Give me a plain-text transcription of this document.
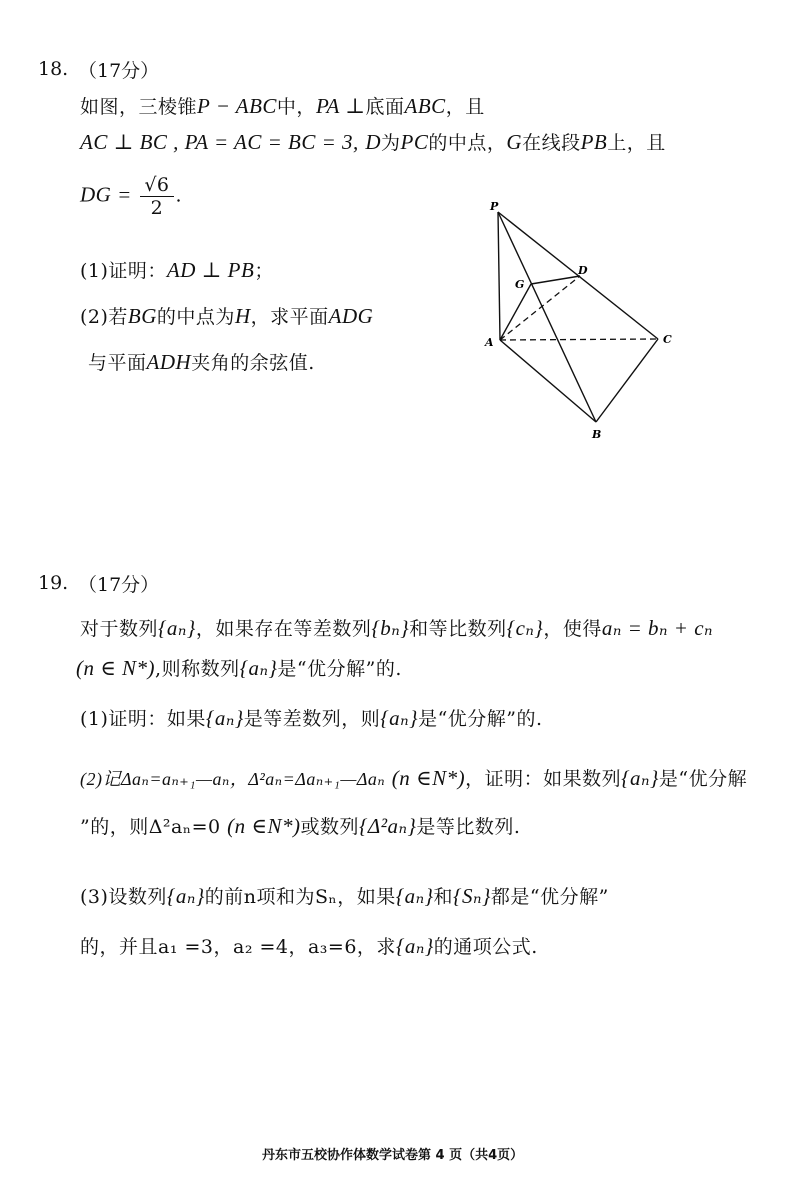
18. （17分）
如图，三棱锥P − ABC中，PA ⊥底面ABC，且
AC ⊥ BC , PA = AC = BC = 3, D为PC的中点，G在线段PB上，且
DG = $\frac{√6}{2}$ .
(1)证明：AD ⊥ PB；
(2)若BG的中点为H，求平面ADG
与平面ADH夹角的余弦值.
P
G
D
A	C
B
19. （17分）
对于数列{aₙ}，如果存在等差数列{bₙ}和等比数列{cₙ}，使得aₙ = bₙ + cₙ
(n ∈ N*),则称数列{aₙ}是“优分解”的.
(1)证明：如果{aₙ}是等差数列，则{aₙ}是“优分解”的.
(2)记Δaₙ=aₙ₊₁—aₙ，Δ²aₙ=Δaₙ₊₁—Δaₙ (n ∈N*)，证明：如果数列{aₙ}是“优分解
”的，则Δ²aₙ=0 (n ∈N*)或数列{Δ²aₙ}是等比数列.
(3)设数列{aₙ}的前n项和为Sₙ，如果{aₙ}和{Sₙ}都是“优分解”
的，并且a₁ =3，a₂ =4，a₃=6，求{aₙ}的通项公式.
丹东市五校协作体数学试卷第 4 页（共4页）
